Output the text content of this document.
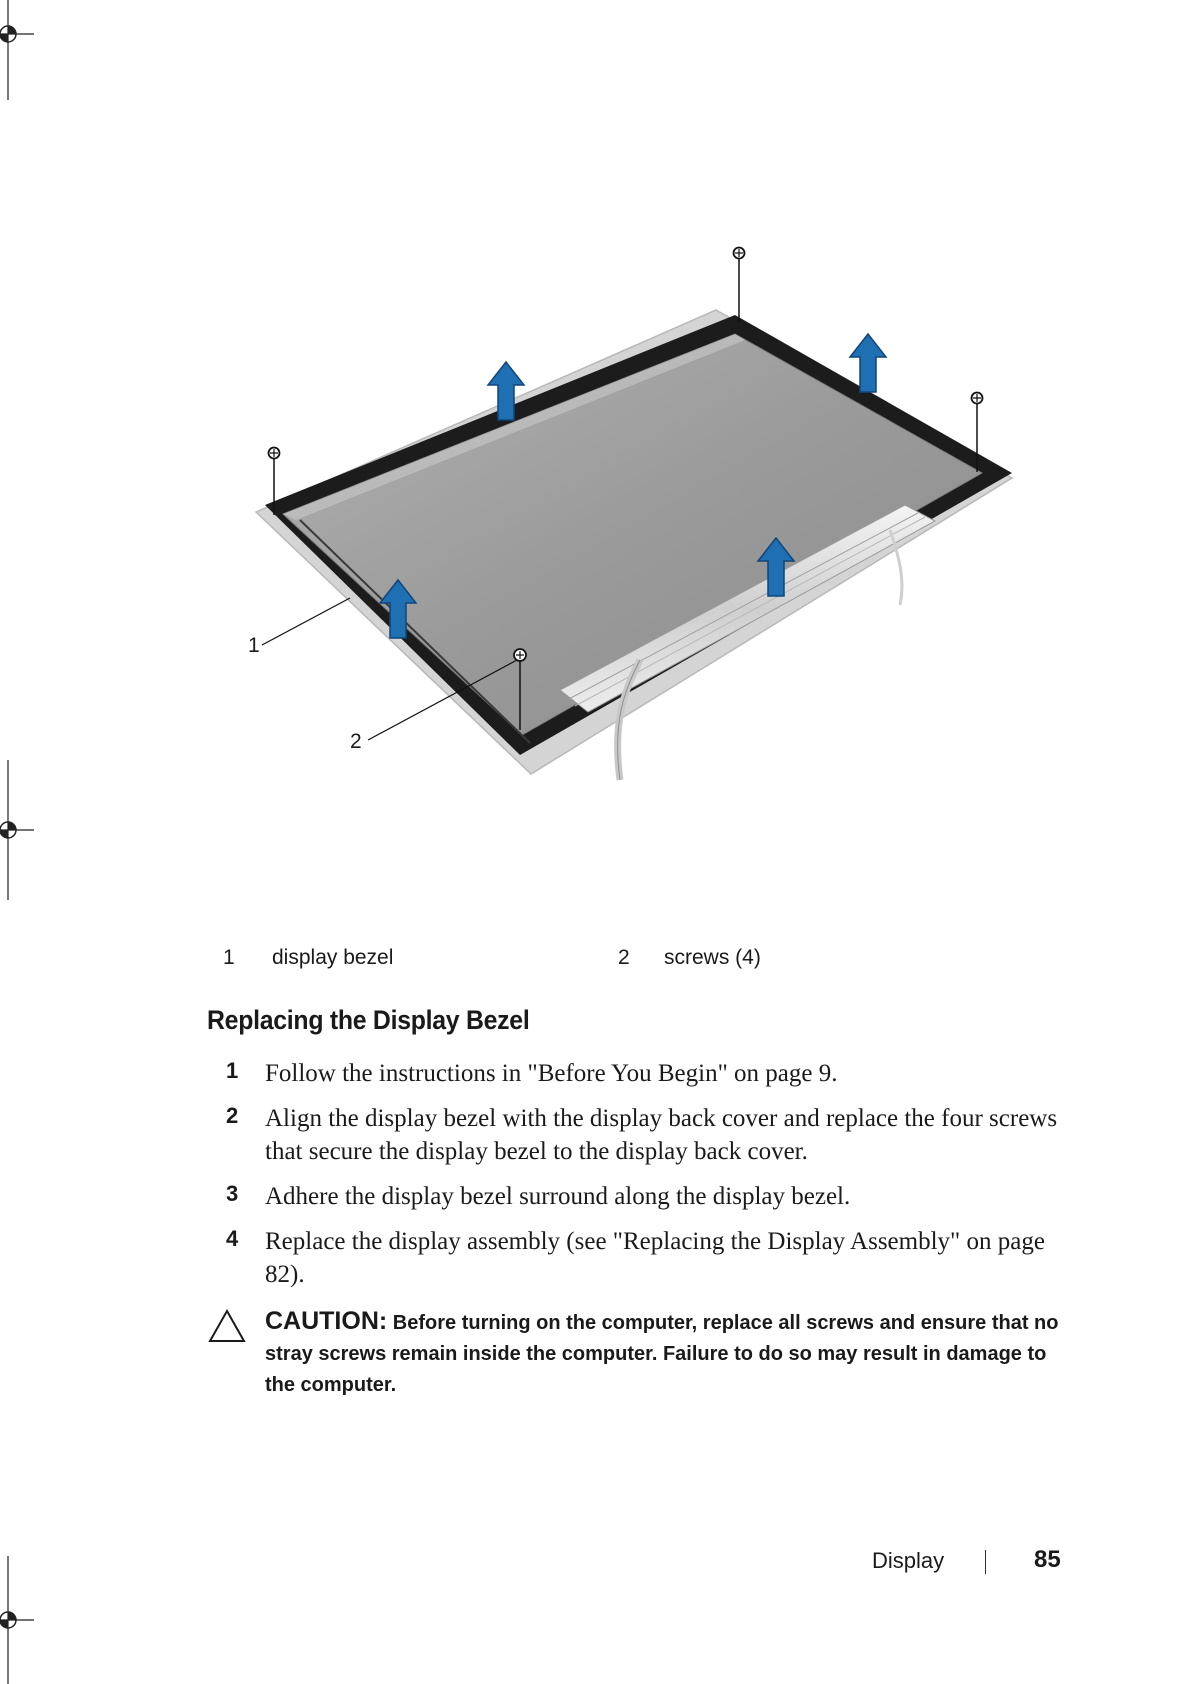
1
2
1 display bezel	2 screws (4)
Replacing the Display Bezel
1 Follow the instructions in "Before You Begin" on page 9.
2 Align the display bezel with the display back cover and replace the four screws that secure the display bezel to the display back cover.
3 Adhere the display bezel surround along the display bezel.
4 Replace the display assembly (see "Replacing the Display Assembly" on page 82).
CAUTION: Before turning on the computer, replace all screws and ensure that no stray screws remain inside the computer. Failure to do so may result in damage to the computer.
Display	85
